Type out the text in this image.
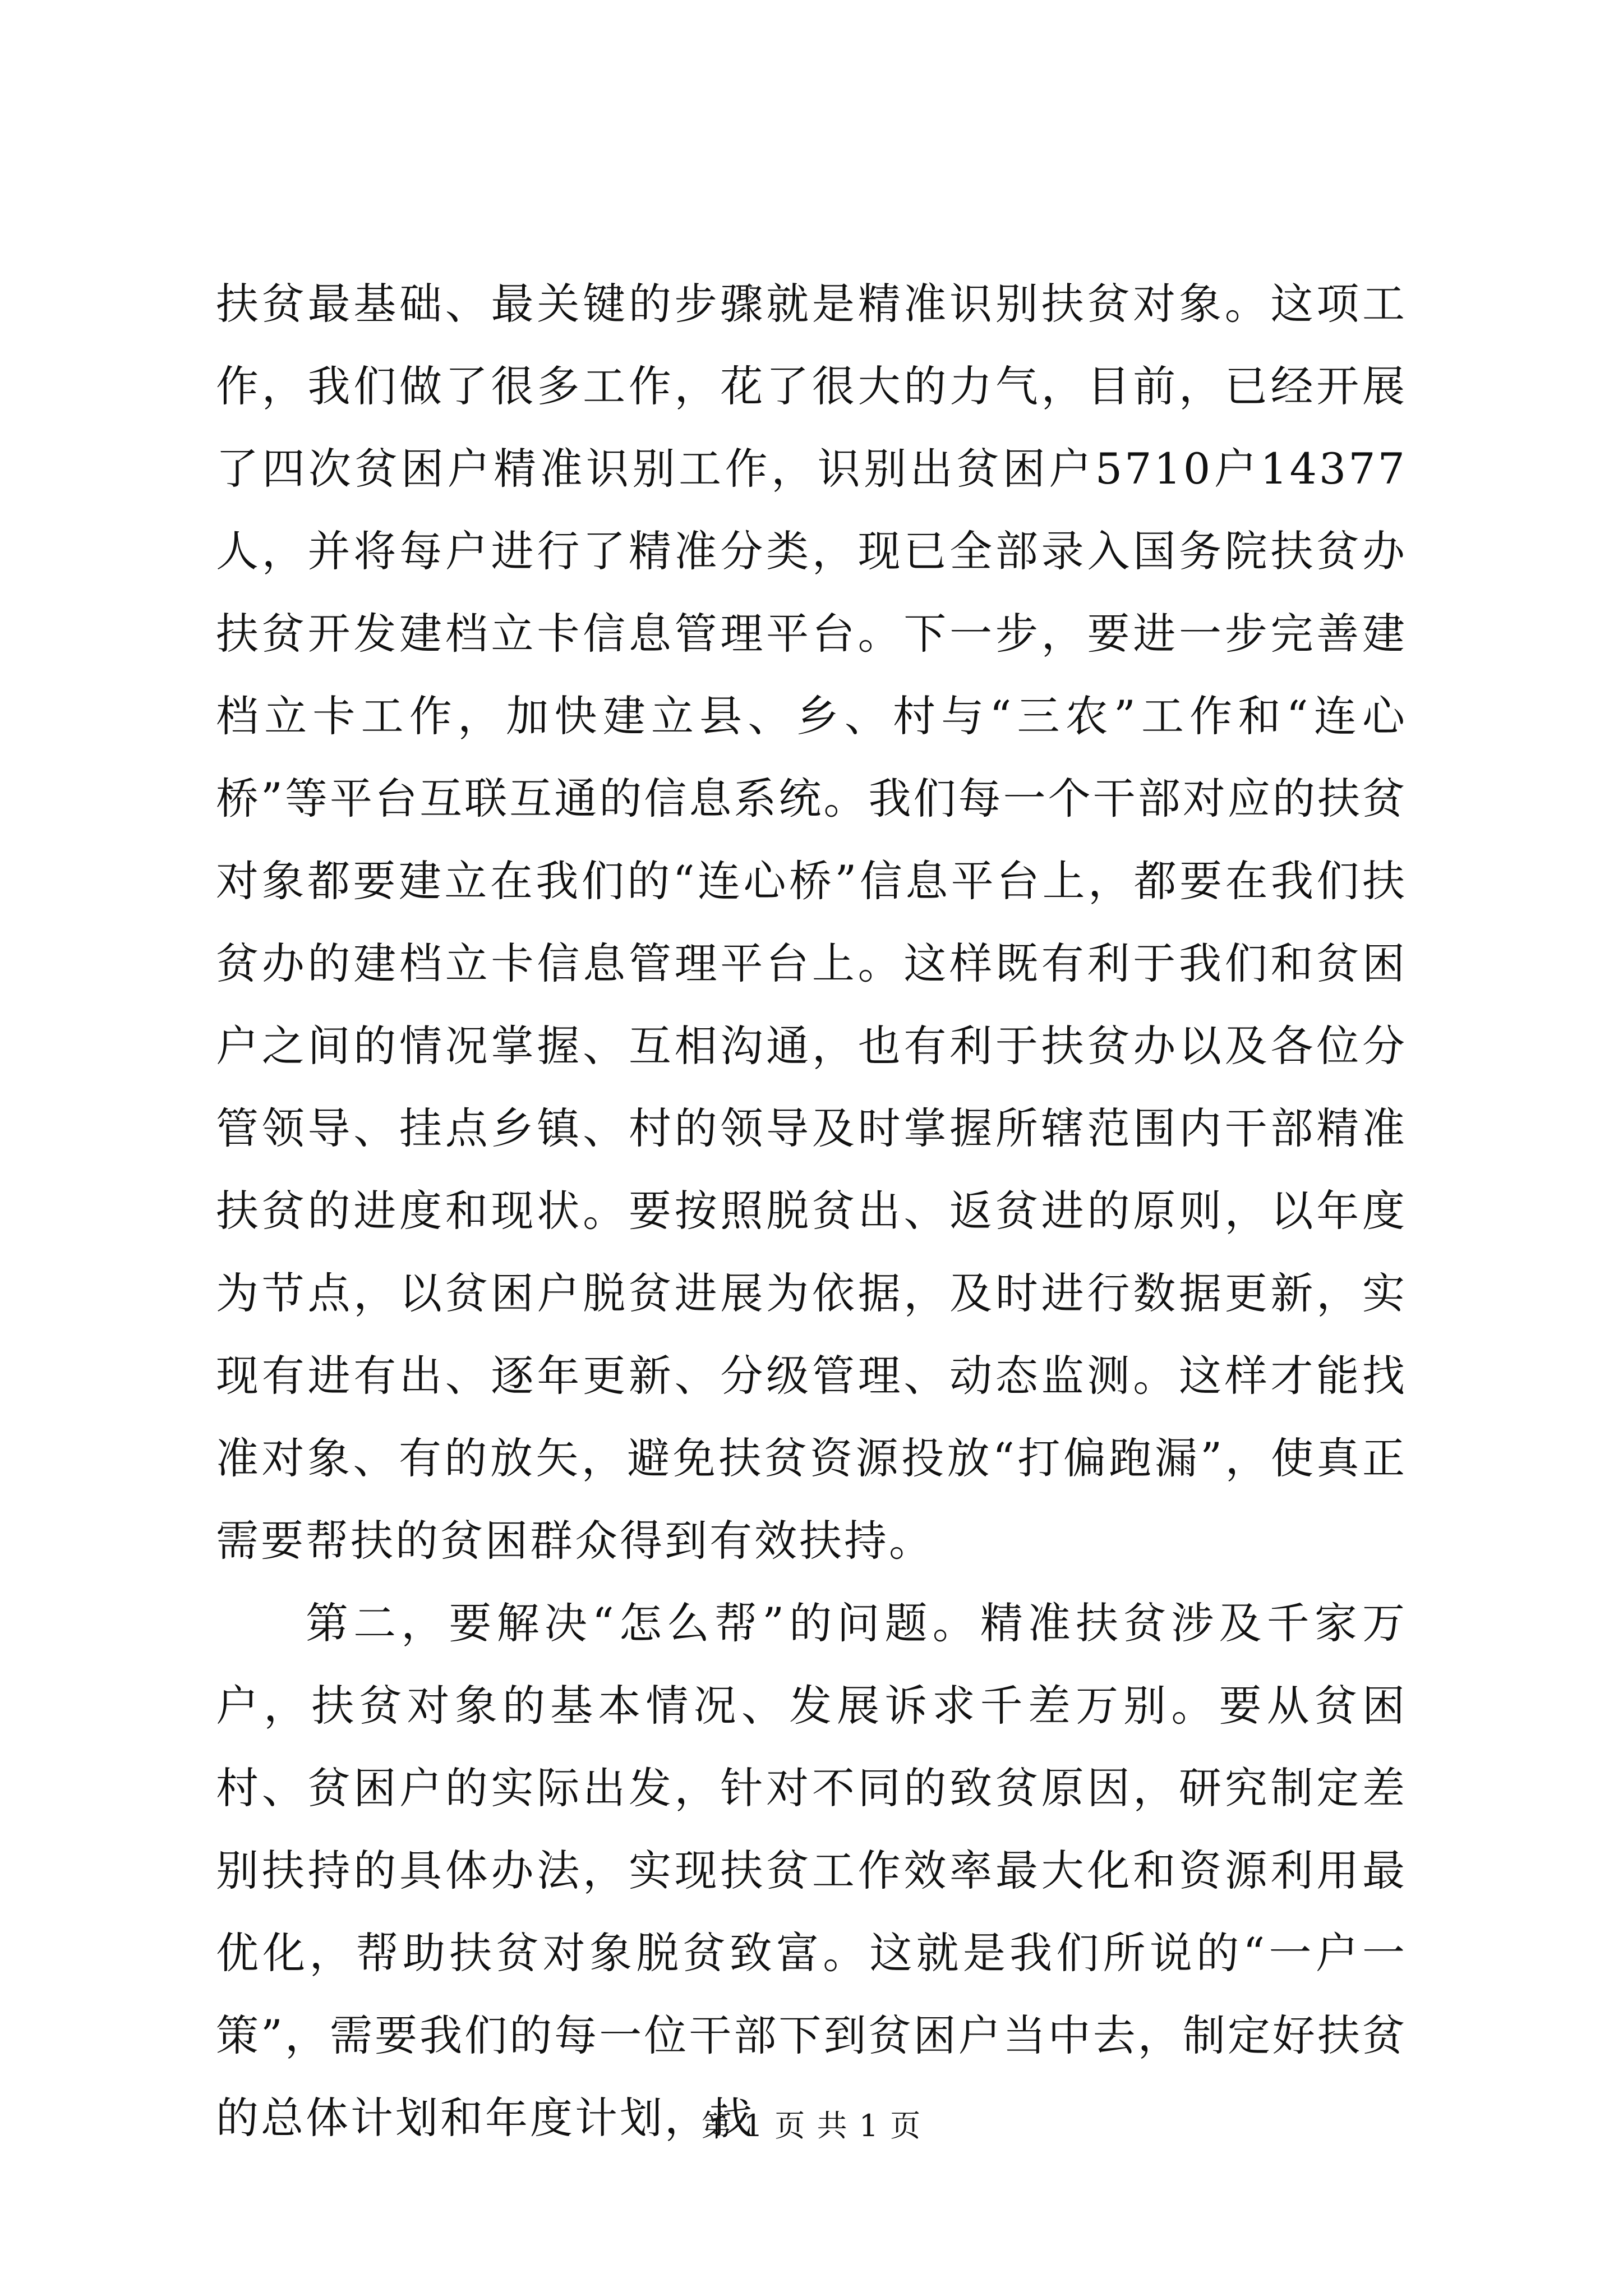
扶贫最基础、最关键的步骤就是精准识别扶贫对象。这项工作，我们做了很多工作，花了很大的力气，目前，已经开展了四次贫困户精准识别工作，识别出贫困户5710户14377人，并将每户进行了精准分类，现已全部录入国务院扶贫办扶贫开发建档立卡信息管理平台。下一步，要进一步完善建档立卡工作，加快建立县、乡、村与“三农”工作和“连心桥”等平台互联互通的信息系统。我们每一个干部对应的扶贫对象都要建立在我们的“连心桥”信息平台上，都要在我们扶贫办的建档立卡信息管理平台上。这样既有利于我们和贫困户之间的情况掌握、互相沟通，也有利于扶贫办以及各位分管领导、挂点乡镇、村的领导及时掌握所辖范围内干部精准扶贫的进度和现状。要按照脱贫出、返贫进的原则，以年度为节点，以贫困户脱贫进展为依据，及时进行数据更新，实现有进有出、逐年更新、分级管理、动态监测。这样才能找准对象、有的放矢，避免扶贫资源投放“打偏跑漏”，使真正需要帮扶的贫困群众得到有效扶持。

第二，要解决“怎么帮”的问题。精准扶贫涉及千家万户，扶贫对象的基本情况、发展诉求千差万别。要从贫困村、贫困户的实际出发，针对不同的致贫原因，研究制定差别扶持的具体办法，实现扶贫工作效率最大化和资源利用最优化，帮助扶贫对象脱贫致富。这就是我们所说的“一户一策”，需要我们的每一位干部下到贫困户当中去，制定好扶贫的总体计划和年度计划，找

第 1 页 共 1 页
